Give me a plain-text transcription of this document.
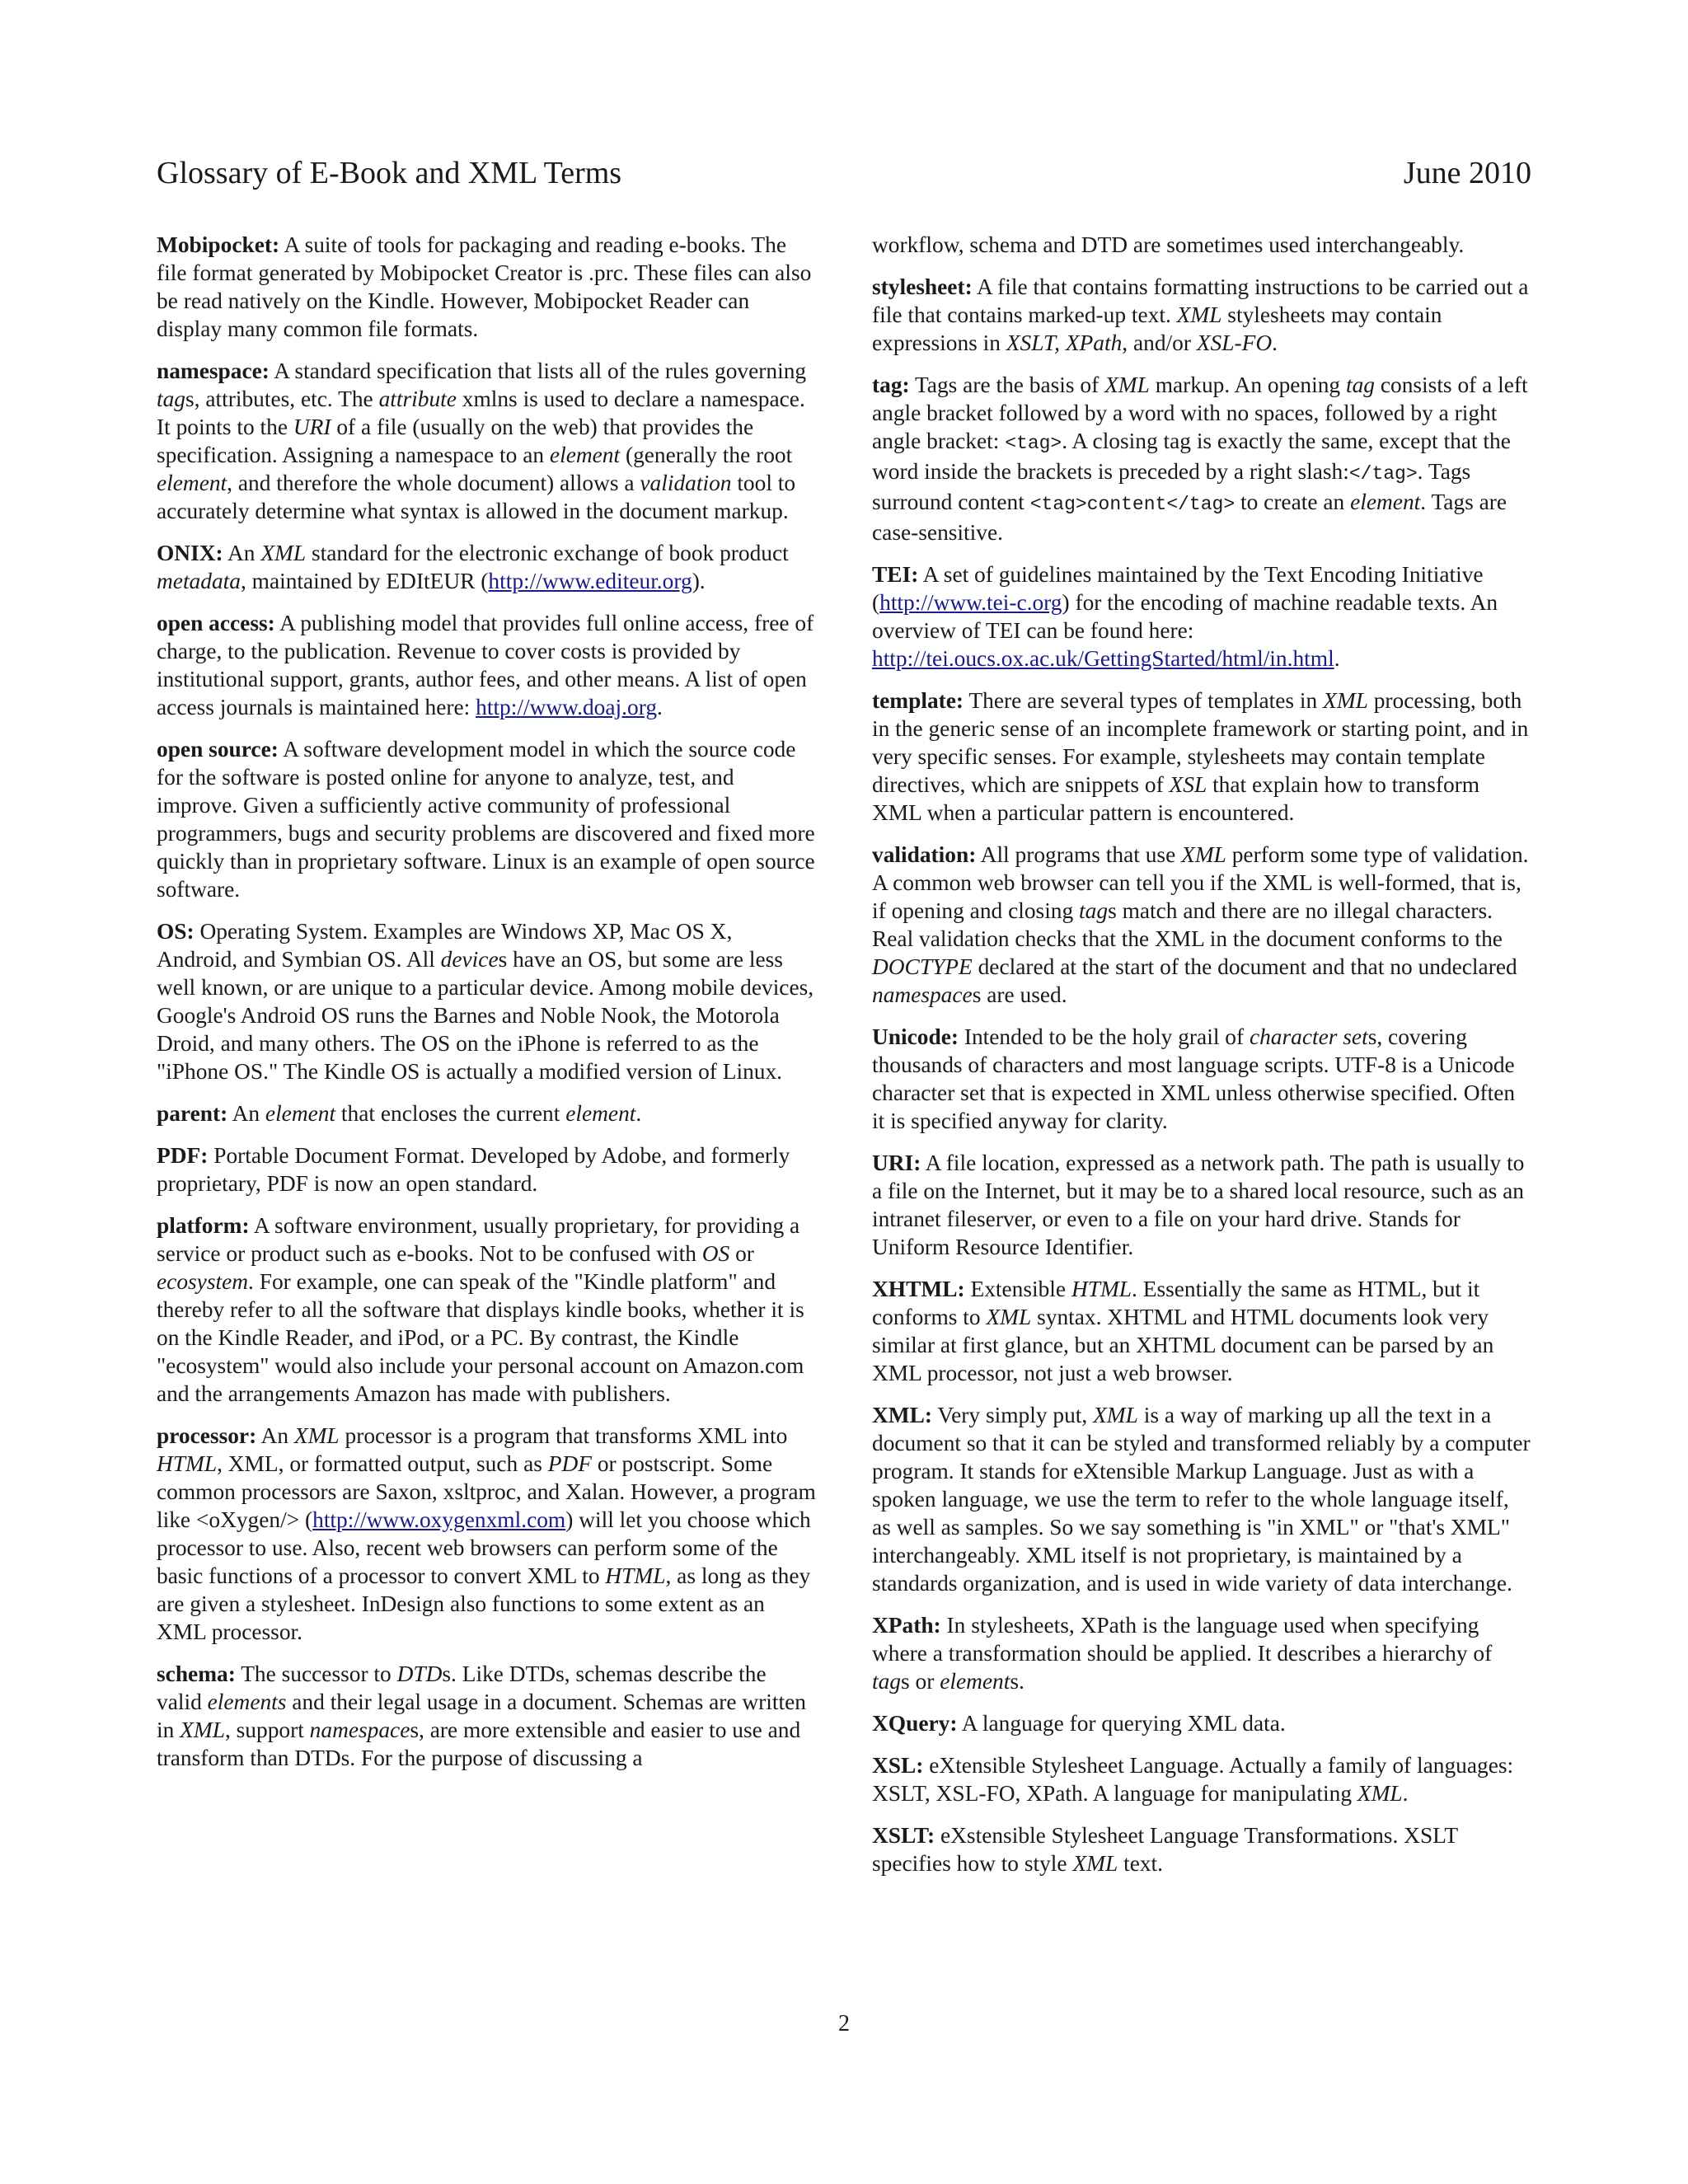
Glossary of E-Book and XML Terms	June 2010

Mobipocket: A suite of tools for packaging and reading e-books. The file format generated by Mobipocket Creator is .prc. These files can also be read natively on the Kindle. However, Mobipocket Reader can display many common file formats.

namespace: A standard specification that lists all of the rules governing tags, attributes, etc. The attribute xmlns is used to declare a namespace. It points to the URI of a file (usually on the web) that provides the specification. Assigning a namespace to an element (generally the root element, and therefore the whole document) allows a validation tool to accurately determine what syntax is allowed in the document markup.

ONIX: An XML standard for the electronic exchange of book product metadata, maintained by EDItEUR (http://www.editeur.org).

open access: A publishing model that provides full online access, free of charge, to the publication. Revenue to cover costs is provided by institutional support, grants, author fees, and other means. A list of open access journals is maintained here: http://www.doaj.org.

open source: A software development model in which the source code for the software is posted online for anyone to analyze, test, and improve. Given a sufficiently active community of professional programmers, bugs and security problems are discovered and fixed more quickly than in proprietary software. Linux is an example of open source software.

OS: Operating System. Examples are Windows XP, Mac OS X, Android, and Symbian OS. All devices have an OS, but some are less well known, or are unique to a particular device. Among mobile devices, Google's Android OS runs the Barnes and Noble Nook, the Motorola Droid, and many others. The OS on the iPhone is referred to as the "iPhone OS." The Kindle OS is actually a modified version of Linux.

parent: An element that encloses the current element.

PDF: Portable Document Format. Developed by Adobe, and formerly proprietary, PDF is now an open standard.

platform: A software environment, usually proprietary, for providing a service or product such as e-books. Not to be confused with OS or ecosystem. For example, one can speak of the "Kindle platform" and thereby refer to all the software that displays kindle books, whether it is on the Kindle Reader, and iPod, or a PC. By contrast, the Kindle "ecosystem" would also include your personal account on Amazon.com and the arrangements Amazon has made with publishers.

processor: An XML processor is a program that transforms XML into HTML, XML, or formatted output, such as PDF or postscript. Some common processors are Saxon, xsltproc, and Xalan. However, a program like <oXygen/> (http://www.oxygenxml.com) will let you choose which processor to use. Also, recent web browsers can perform some of the basic functions of a processor to convert XML to HTML, as long as they are given a stylesheet. InDesign also functions to some extent as an XML processor.

schema: The successor to DTDs. Like DTDs, schemas describe the valid elements and their legal usage in a document. Schemas are written in XML, support namespaces, are more extensible and easier to use and transform than DTDs. For the purpose of discussing a

workflow, schema and DTD are sometimes used interchangeably.

stylesheet: A file that contains formatting instructions to be carried out a file that contains marked-up text. XML stylesheets may contain expressions in XSLT, XPath, and/or XSL-FO.

tag: Tags are the basis of XML markup. An opening tag consists of a left angle bracket followed by a word with no spaces, followed by a right angle bracket: <tag>. A closing tag is exactly the same, except that the word inside the brackets is preceded by a right slash:</tag>. Tags surround content <tag>content</tag> to create an element. Tags are case-sensitive.

TEI: A set of guidelines maintained by the Text Encoding Initiative (http://www.tei-c.org) for the encoding of machine readable texts. An overview of TEI can be found here: http://tei.oucs.ox.ac.uk/GettingStarted/html/in.html.

template: There are several types of templates in XML processing, both in the generic sense of an incomplete framework or starting point, and in very specific senses. For example, stylesheets may contain template directives, which are snippets of XSL that explain how to transform XML when a particular pattern is encountered.

validation: All programs that use XML perform some type of validation. A common web browser can tell you if the XML is well-formed, that is, if opening and closing tags match and there are no illegal characters. Real validation checks that the XML in the document conforms to the DOCTYPE declared at the start of the document and that no undeclared namespaces are used.

Unicode: Intended to be the holy grail of character sets, covering thousands of characters and most language scripts. UTF-8 is a Unicode character set that is expected in XML unless otherwise specified. Often it is specified anyway for clarity.

URI: A file location, expressed as a network path. The path is usually to a file on the Internet, but it may be to a shared local resource, such as an intranet fileserver, or even to a file on your hard drive. Stands for Uniform Resource Identifier.

XHTML: Extensible HTML. Essentially the same as HTML, but it conforms to XML syntax. XHTML and HTML documents look very similar at first glance, but an XHTML document can be parsed by an XML processor, not just a web browser.

XML: Very simply put, XML is a way of marking up all the text in a document so that it can be styled and transformed reliably by a computer program. It stands for eXtensible Markup Language. Just as with a spoken language, we use the term to refer to the whole language itself, as well as samples. So we say something is "in XML" or "that's XML" interchangeably. XML itself is not proprietary, is maintained by a standards organization, and is used in wide variety of data interchange.

XPath: In stylesheets, XPath is the language used when specifying where a transformation should be applied. It describes a hierarchy of tags or elements.

XQuery: A language for querying XML data.

XSL: eXtensible Stylesheet Language. Actually a family of languages: XSLT, XSL-FO, XPath. A language for manipulating XML.

XSLT: eXstensible Stylesheet Language Transformations. XSLT specifies how to style XML text.

2
